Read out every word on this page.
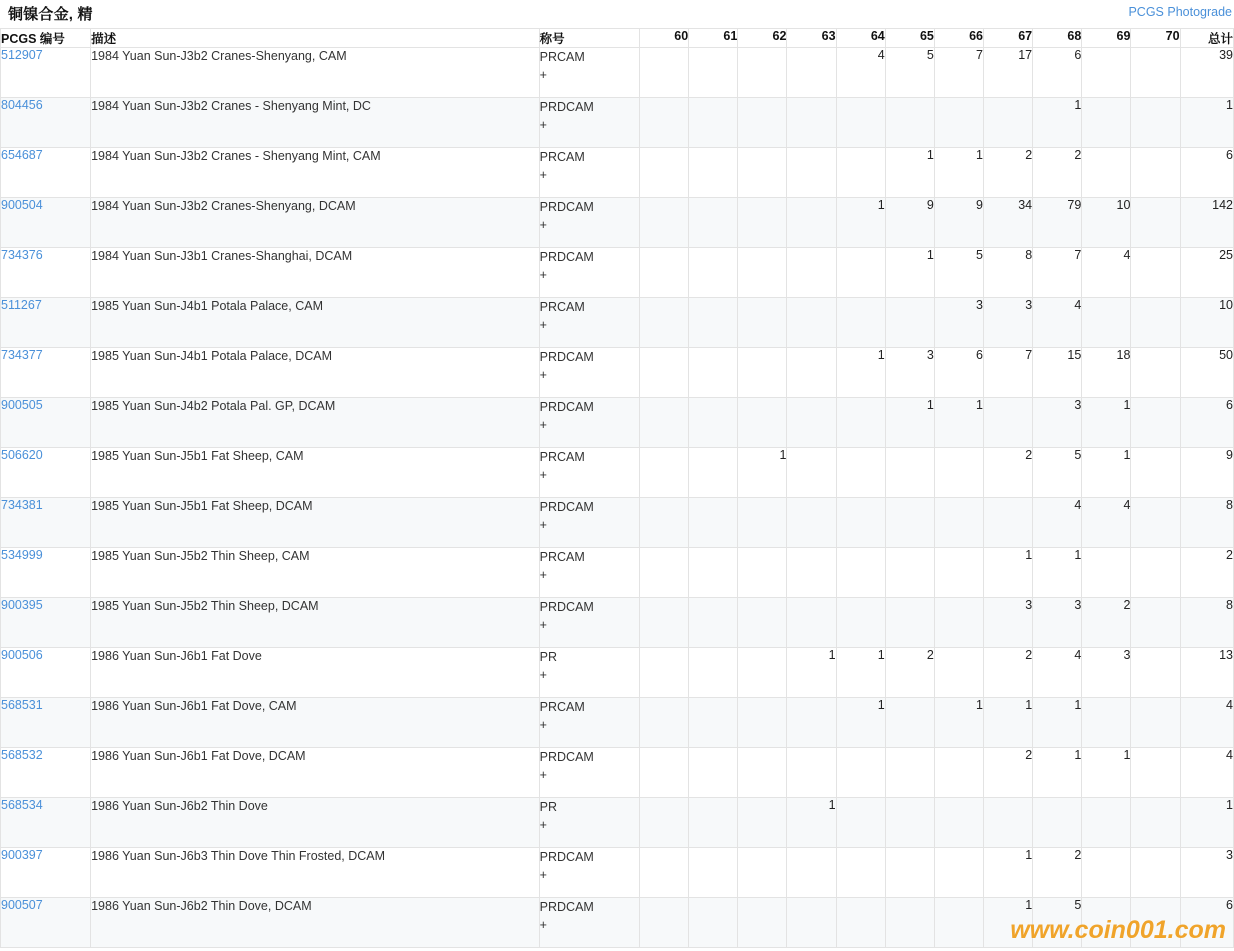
铜镍合金, 精	PCGS Photograde
PCGS 编号	描述	称号	60	61	62	63	64	65	66	67	68	69	70	总计
512907	1984 Yuan Sun-J3b2 Cranes-Shenyang, CAM	PRCAM
+					4	5	7	17	6			39
804456	1984 Yuan Sun-J3b2 Cranes - Shenyang Mint, DC	PRDCAM
+									1			1
654687	1984 Yuan Sun-J3b2 Cranes - Shenyang Mint, CAM	PRCAM
+						1	1	2	2			6
900504	1984 Yuan Sun-J3b2 Cranes-Shenyang, DCAM	PRDCAM
+					1	9	9	34	79	10		142
734376	1984 Yuan Sun-J3b1 Cranes-Shanghai, DCAM	PRDCAM
+						1	5	8	7	4		25
511267	1985 Yuan Sun-J4b1 Potala Palace, CAM	PRCAM
+							3	3	4			10
734377	1985 Yuan Sun-J4b1 Potala Palace, DCAM	PRDCAM
+					1	3	6	7	15	18		50
900505	1985 Yuan Sun-J4b2 Potala Pal. GP, DCAM	PRDCAM
+						1	1		3	1		6
506620	1985 Yuan Sun-J5b1 Fat Sheep, CAM	PRCAM
+			1					2	5	1		9
734381	1985 Yuan Sun-J5b1 Fat Sheep, DCAM	PRDCAM
+									4	4		8
534999	1985 Yuan Sun-J5b2 Thin Sheep, CAM	PRCAM
+								1	1			2
900395	1985 Yuan Sun-J5b2 Thin Sheep, DCAM	PRDCAM
+								3	3	2		8
900506	1986 Yuan Sun-J6b1 Fat Dove	PR
+				1	1	2		2	4	3		13
568531	1986 Yuan Sun-J6b1 Fat Dove, CAM	PRCAM
+					1		1	1	1			4
568532	1986 Yuan Sun-J6b1 Fat Dove, DCAM	PRDCAM
+								2	1	1		4
568534	1986 Yuan Sun-J6b2 Thin Dove	PR
+				1								1
900397	1986 Yuan Sun-J6b3 Thin Dove Thin Frosted, DCAM	PRDCAM
+								1	2			3
900507	1986 Yuan Sun-J6b2 Thin Dove, DCAM	PRDCAM
+								1	5			6
www.coin001.com
